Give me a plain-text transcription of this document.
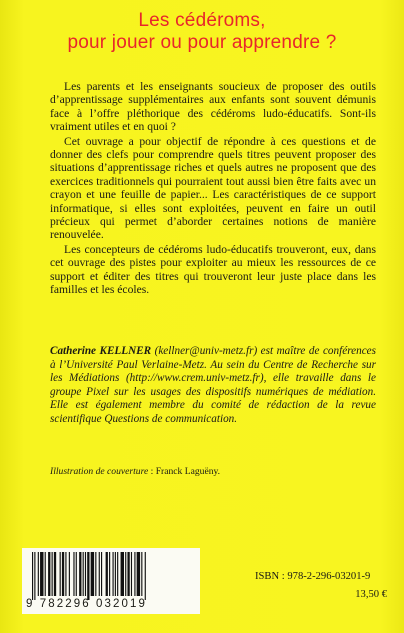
Les cédéroms,
pour jouer ou pour apprendre ?

Les parents et les enseignants soucieux de proposer des outils d’apprentissage supplémentaires aux enfants sont souvent démunis face à l’offre pléthorique des cédéroms ludo-éducatifs. Sont-ils vraiment utiles et en quoi ?

Cet ouvrage a pour objectif de répondre à ces questions et de donner des clefs pour comprendre quels titres peuvent proposer des situations d’apprentissage riches et quels autres ne proposent que des exercices traditionnels qui pourraient tout aussi bien être faits avec un crayon et une feuille de papier... Les caractéristiques de ce support informatique, si elles sont exploitées, peuvent en faire un outil précieux qui permet d’aborder certaines notions de manière renouvelée.

Les concepteurs de cédéroms ludo-éducatifs trouveront, eux, dans cet ouvrage des pistes pour exploiter au mieux les ressources de ce support et éditer des titres qui trouveront leur juste place dans les familles et les écoles.

Catherine KELLNER (kellner@univ-metz.fr) est maître de conférences à l’Université Paul Verlaine-Metz. Au sein du Centre de Recherche sur les Médiations (http://www.crem.univ-metz.fr), elle travaille dans le groupe Pixel sur les usages des dispositifs numériques de médiation. Elle est également membre du comité de rédaction de la revue scientifique Questions de communication.
Illustration de couverture : Franck Laguëny.
9 782296 032019
ISBN : 978-2-296-03201-9
13,50 €
